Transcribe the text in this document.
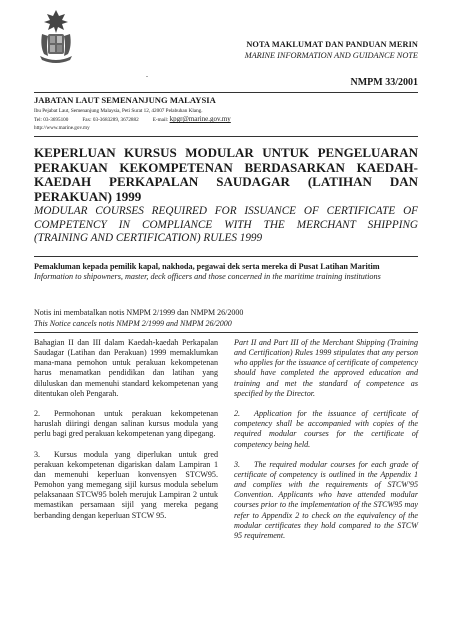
NOTA MAKLUMAT DAN PANDUAN MERIN
MARINE INFORMATION AND GUIDANCE NOTE
.
NMPM 33/2001
JABATAN LAUT SEMENANJUNG MALAYSIA
Ibu Pejabat Laut, Semenanjung Malaysia, Peti Surat 12, 42007 Pelabuhan Klang.
Tel: 03-3695100	Fax: 03-3683289, 3672882	E-mail: kpgr@marine.gov.my
http://www.marine.gov.my
KEPERLUAN KURSUS MODULAR UNTUK PENGELUARAN PERAKUAN KEKOMPETENAN BERDASARKAN KAEDAH-KAEDAH PERKAPALAN SAUDAGAR (LATIHAN DAN PERAKUAN) 1999
MODULAR COURSES REQUIRED FOR ISSUANCE OF CERTIFICATE OF COMPETENCY IN COMPLIANCE WITH THE MERCHANT SHIPPING (TRAINING AND CERTIFICATION) RULES 1999
Pemakluman kepada pemilik kapal, nakhoda, pegawai dek serta mereka di Pusat Latihan Maritim
Information to shipowners, master, deck officers and those concerned in the maritime training institutions
Notis ini membatalkan notis NMPM 2/1999 dan NMPM 26/2000
This Notice cancels notis NMPM 2/1999 and NMPM 26/2000

Bahagian II dan III dalam Kaedah-kaedah Perkapalan Saudagar (Latihan dan Perakuan) 1999 memaklumkan mana-mana pemohon untuk perakuan kekompetenan harus menamatkan pendidikan dan latihan yang diluluskan dan memenuhi standard kekompetenan yang ditentukan oleh Pengarah.

2. Permohonan untuk perakuan kekompetenan haruslah diiringi dengan salinan kursus modula yang perlu bagi gred perakuan kekompetenan yang dipegang.

3. Kursus modula yang diperlukan untuk gred perakuan kekompetenan digariskan dalam Lampiran 1 dan memenuhi keperluan konvensyen STCW95. Pemohon yang memegang sijil kursus modula sebelum pelaksanaan STCW95 boleh merujuk Lampiran 2 untuk memastikan persamaan sijil yang mereka pegang berbanding dengan keperluan STCW 95.

Part II and Part III of the Merchant Shipping (Training and Certification) Rules 1999 stipulates that any person who applies for the issuance of certificate of competency should have completed the approved education and training and met the standard of competence as specified by the Director.

2. Application for the issuance of certificate of competency shall be accompanied with copies of the required modular courses for the certificate of competency being held.

3. The required modular courses for each grade of certificate of competency is outlined in the Appendix 1 and complies with the requirements of STCW'95 Convention. Applicants who have attended modular courses prior to the implementation of the STCW95 may refer to Appendix 2 to check on the equivalency of the modular certificates they hold compared to the STCW 95 requirement.
